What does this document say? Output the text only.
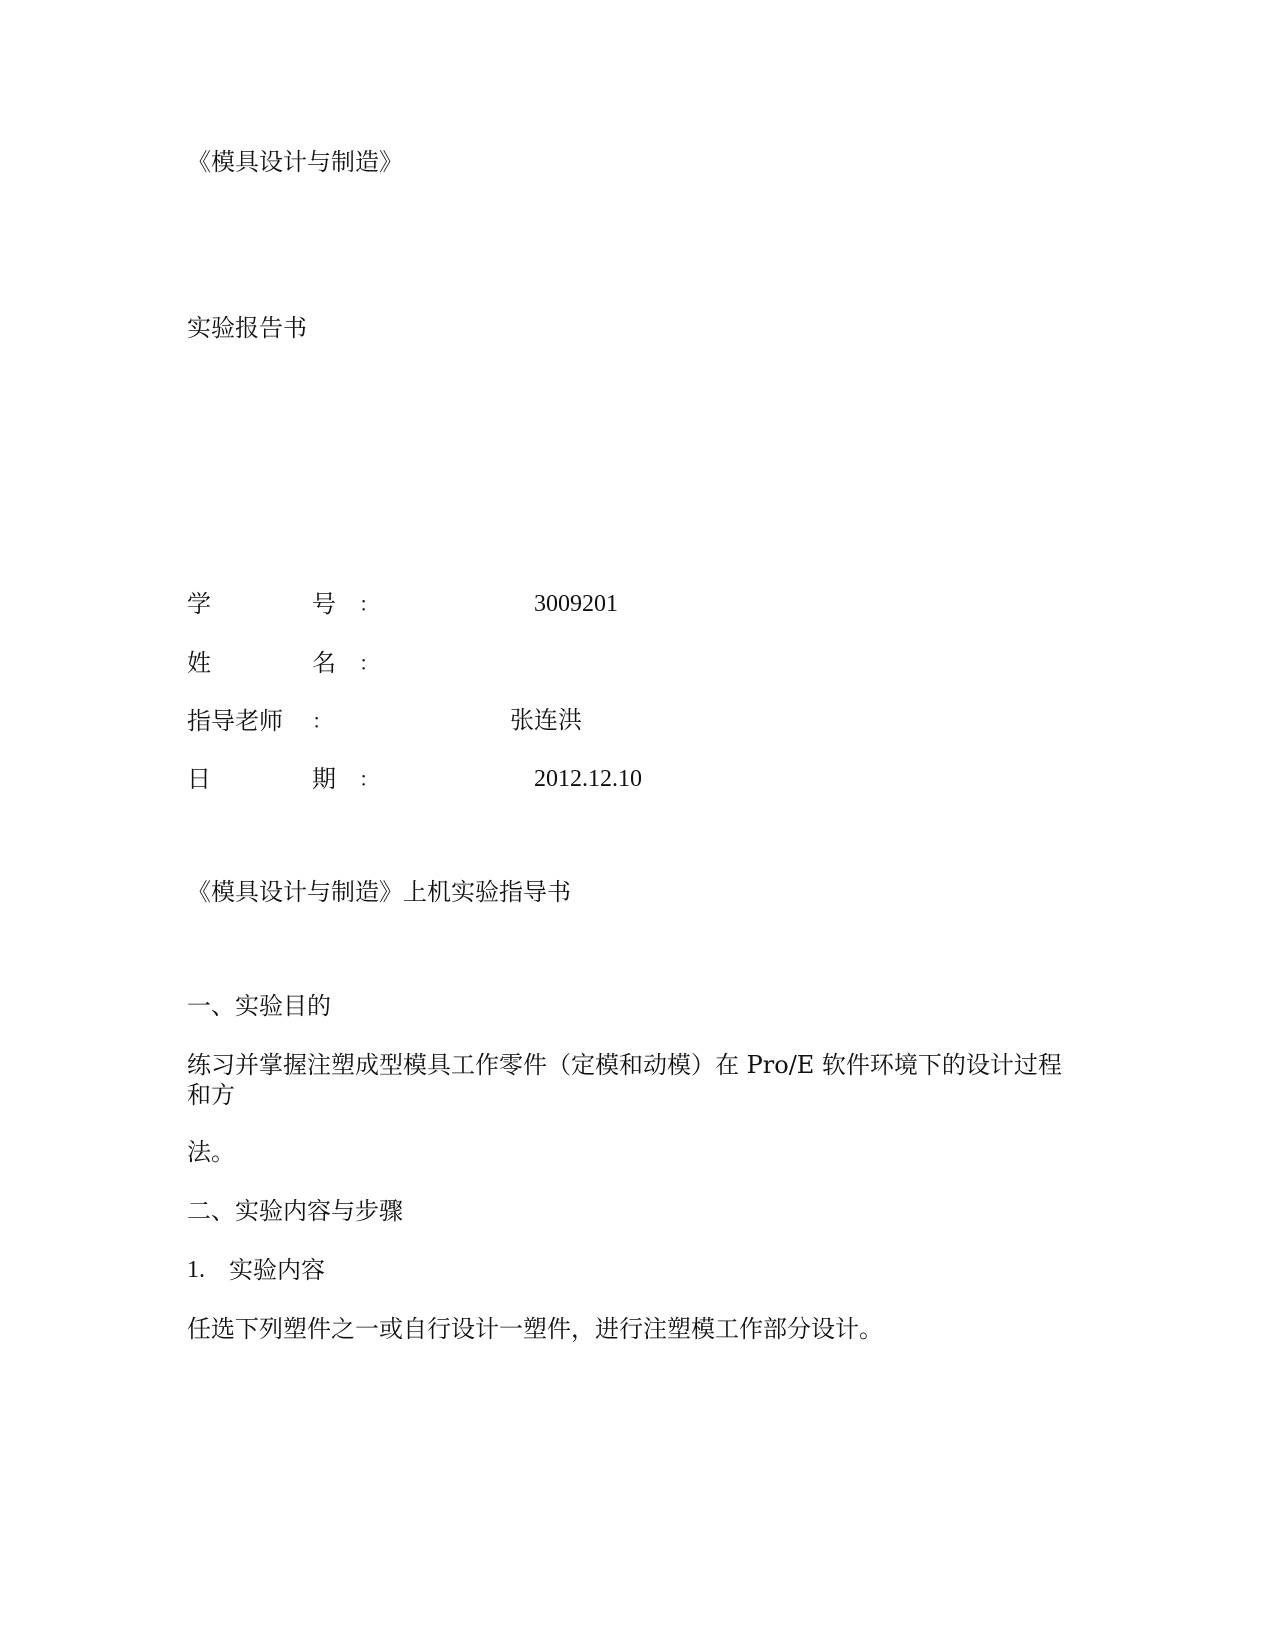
《模具设计与制造》
实验报告书
学	号 ：	3009201
姓	名 ：
指导老师 ：	张连洪
日	期 ：	2012.12.10
《模具设计与制造》上机实验指导书
一、实验目的
练习并掌握注塑成型模具工作零件（定模和动模）在 Pro/E 软件环境下的设计过程
和方
法。
二、实验内容与步骤
1. 实验内容
任选下列塑件之一或自行设计一塑件，进行注塑模工作部分设计。
